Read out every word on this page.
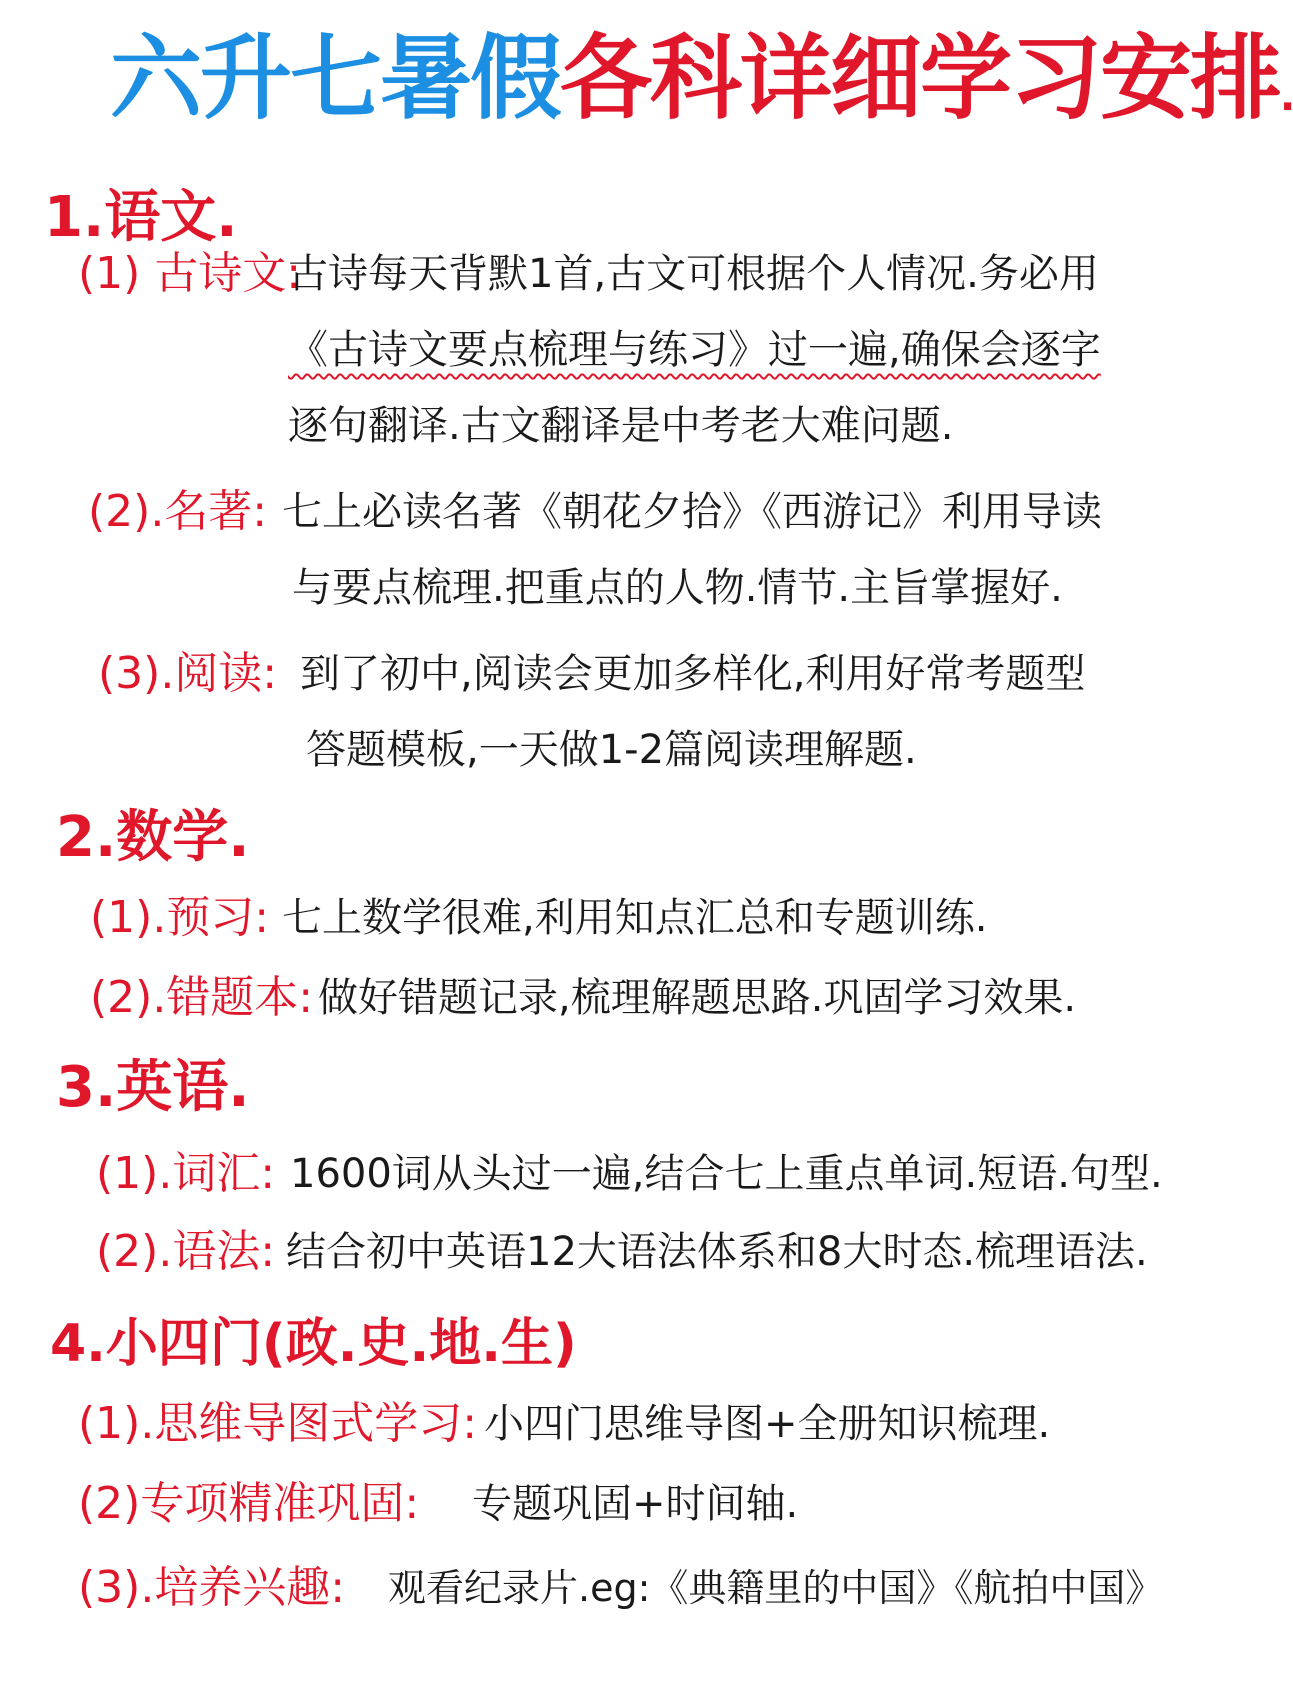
六升七暑假各科详细学习安排.
1.语文.
(1) 古诗文:
古诗每天背默1首,古文可根据个人情况.务必用
《古诗文要点梳理与练习》过一遍,确保会逐字
逐句翻译.古文翻译是中考老大难问题.
(2).名著: 七上必读名著《朝花夕拾》《西游记》利用导读
与要点梳理.把重点的人物.情节.主旨掌握好.
(3).阅读: 到了初中,阅读会更加多样化,利用好常考题型
答题模板,一天做1-2篇阅读理解题.
2.数学.
(1).预习: 七上数学很难,利用知点汇总和专题训练.
(2).错题本: 做好错题记录,梳理解题思路.巩固学习效果.
3.英语.
(1).词汇: 1600词从头过一遍,结合七上重点单词.短语.句型.
(2).语法: 结合初中英语12大语法体系和8大时态.梳理语法.
4.小四门(政.史.地.生)
(1).思维导图式学习: 小四门思维导图+全册知识梳理.
(2)专项精准巩固: 专题巩固+时间轴.
(3).培养兴趣: 观看纪录片.eg:《典籍里的中国》《航拍中国》
